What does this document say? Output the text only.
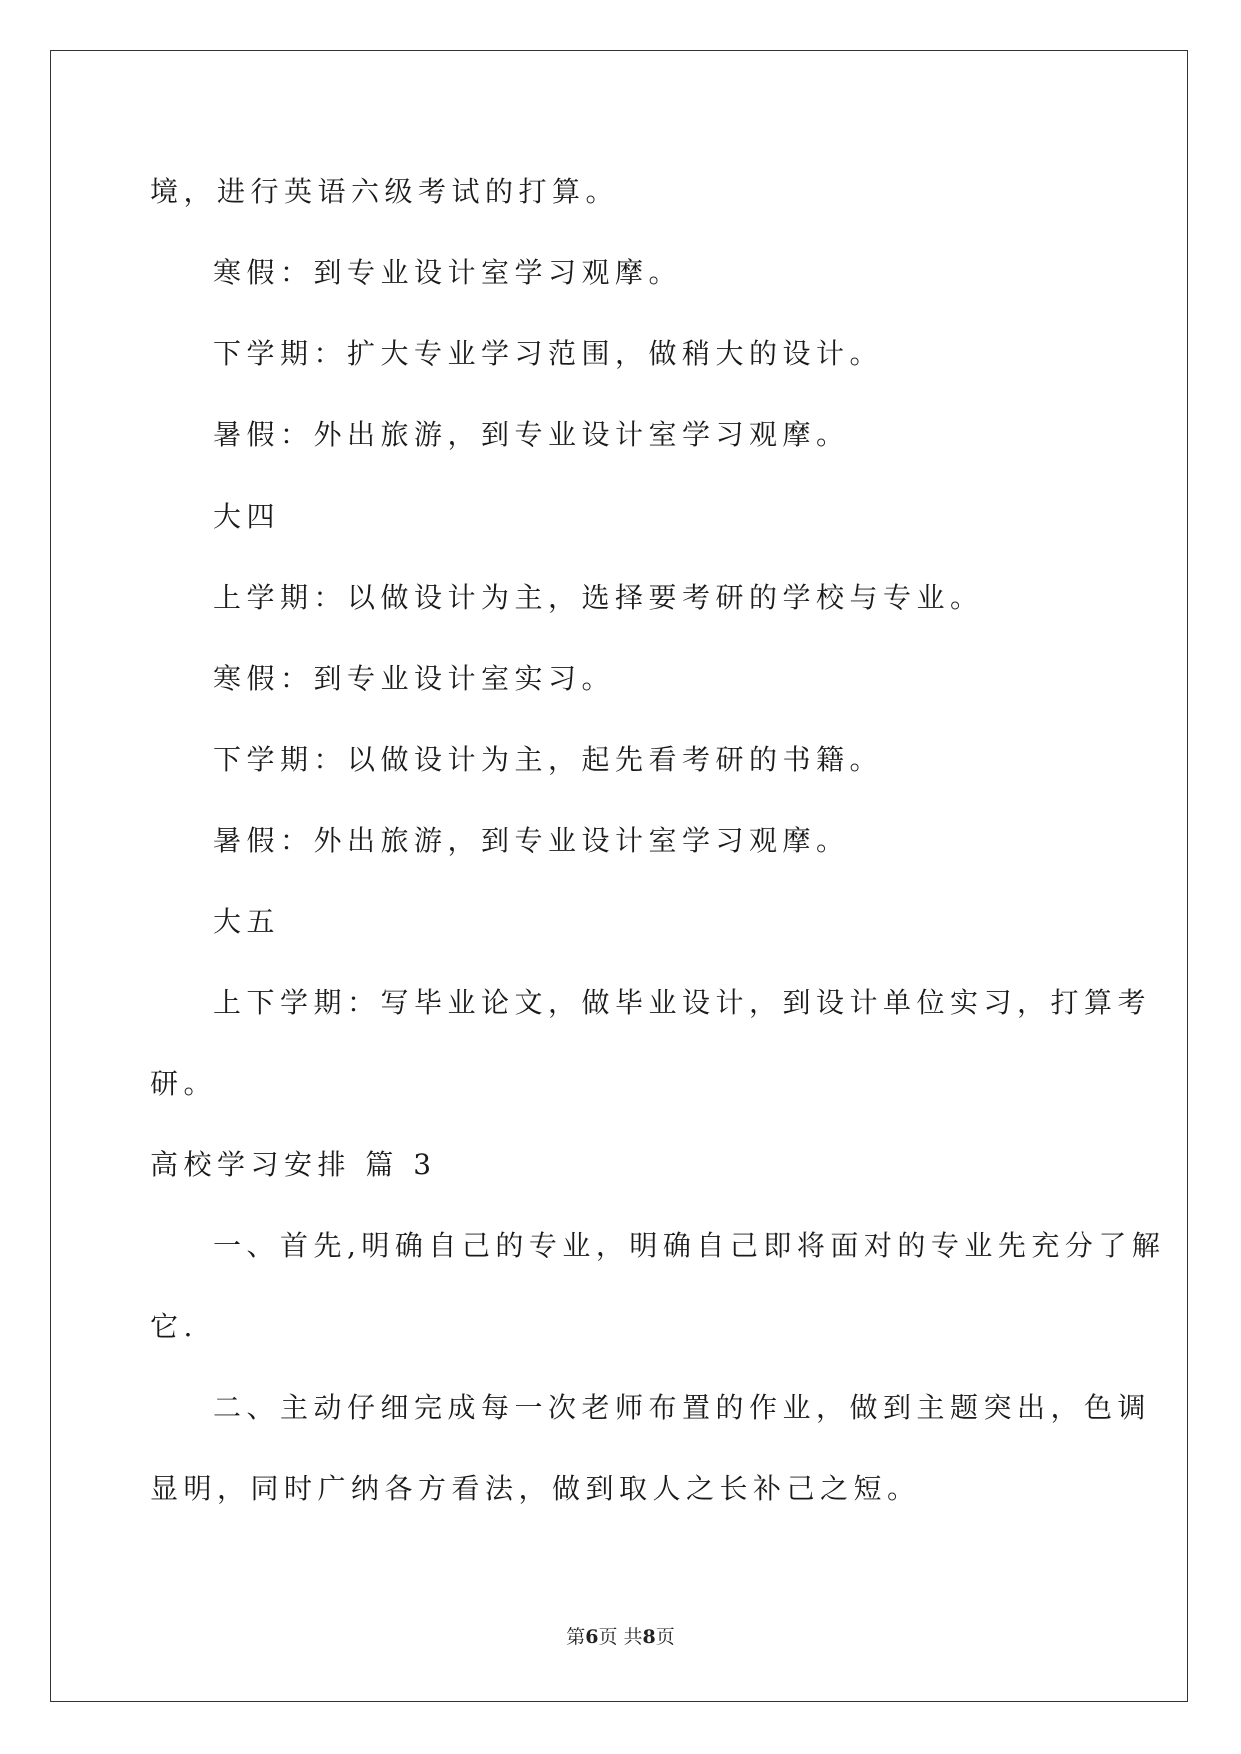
境，进行英语六级考试的打算。
寒假：到专业设计室学习观摩。
下学期：扩大专业学习范围，做稍大的设计。
暑假：外出旅游，到专业设计室学习观摩。
大四
上学期：以做设计为主，选择要考研的学校与专业。
寒假：到专业设计室实习。
下学期：以做设计为主，起先看考研的书籍。
暑假：外出旅游，到专业设计室学习观摩。
大五
上下学期：写毕业论文，做毕业设计，到设计单位实习，打算考
研。
高校学习安排 篇 3
一、首先,明确自己的专业，明确自己即将面对的专业先充分了解
它.
二、主动仔细完成每一次老师布置的作业，做到主题突出，色调
显明，同时广纳各方看法，做到取人之长补己之短。
第6页 共8页
